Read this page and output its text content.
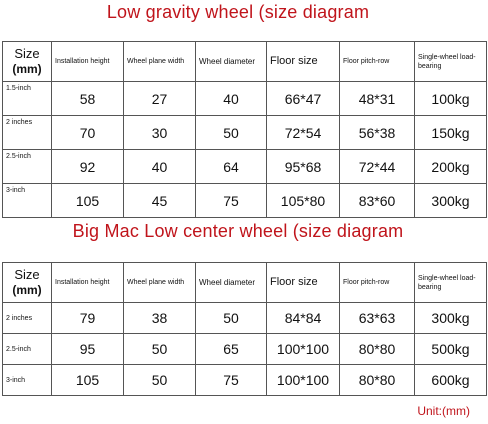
Low gravity wheel (size diagram
Size
(mm)	Installation height	Wheel plane width	Wheel diameter	Floor size	Floor pitch-row	Single-wheel load-bearing
1.5-inch	58	27	40	66*47	48*31	100kg
2 inches	70	30	50	72*54	56*38	150kg
2.5-inch	92	40	64	95*68	72*44	200kg
3-inch	105	45	75	105*80	83*60	300kg
Big Mac Low center wheel (size diagram
Size
(mm)	Installation height	Wheel plane width	Wheel diameter	Floor size	Floor pitch-row	Single-wheel load-bearing
2 inches	79	38	50	84*84	63*63	300kg
2.5-inch	95	50	65	100*100	80*80	500kg
3-inch	105	50	75	100*100	80*80	600kg
Unit:(mm)
